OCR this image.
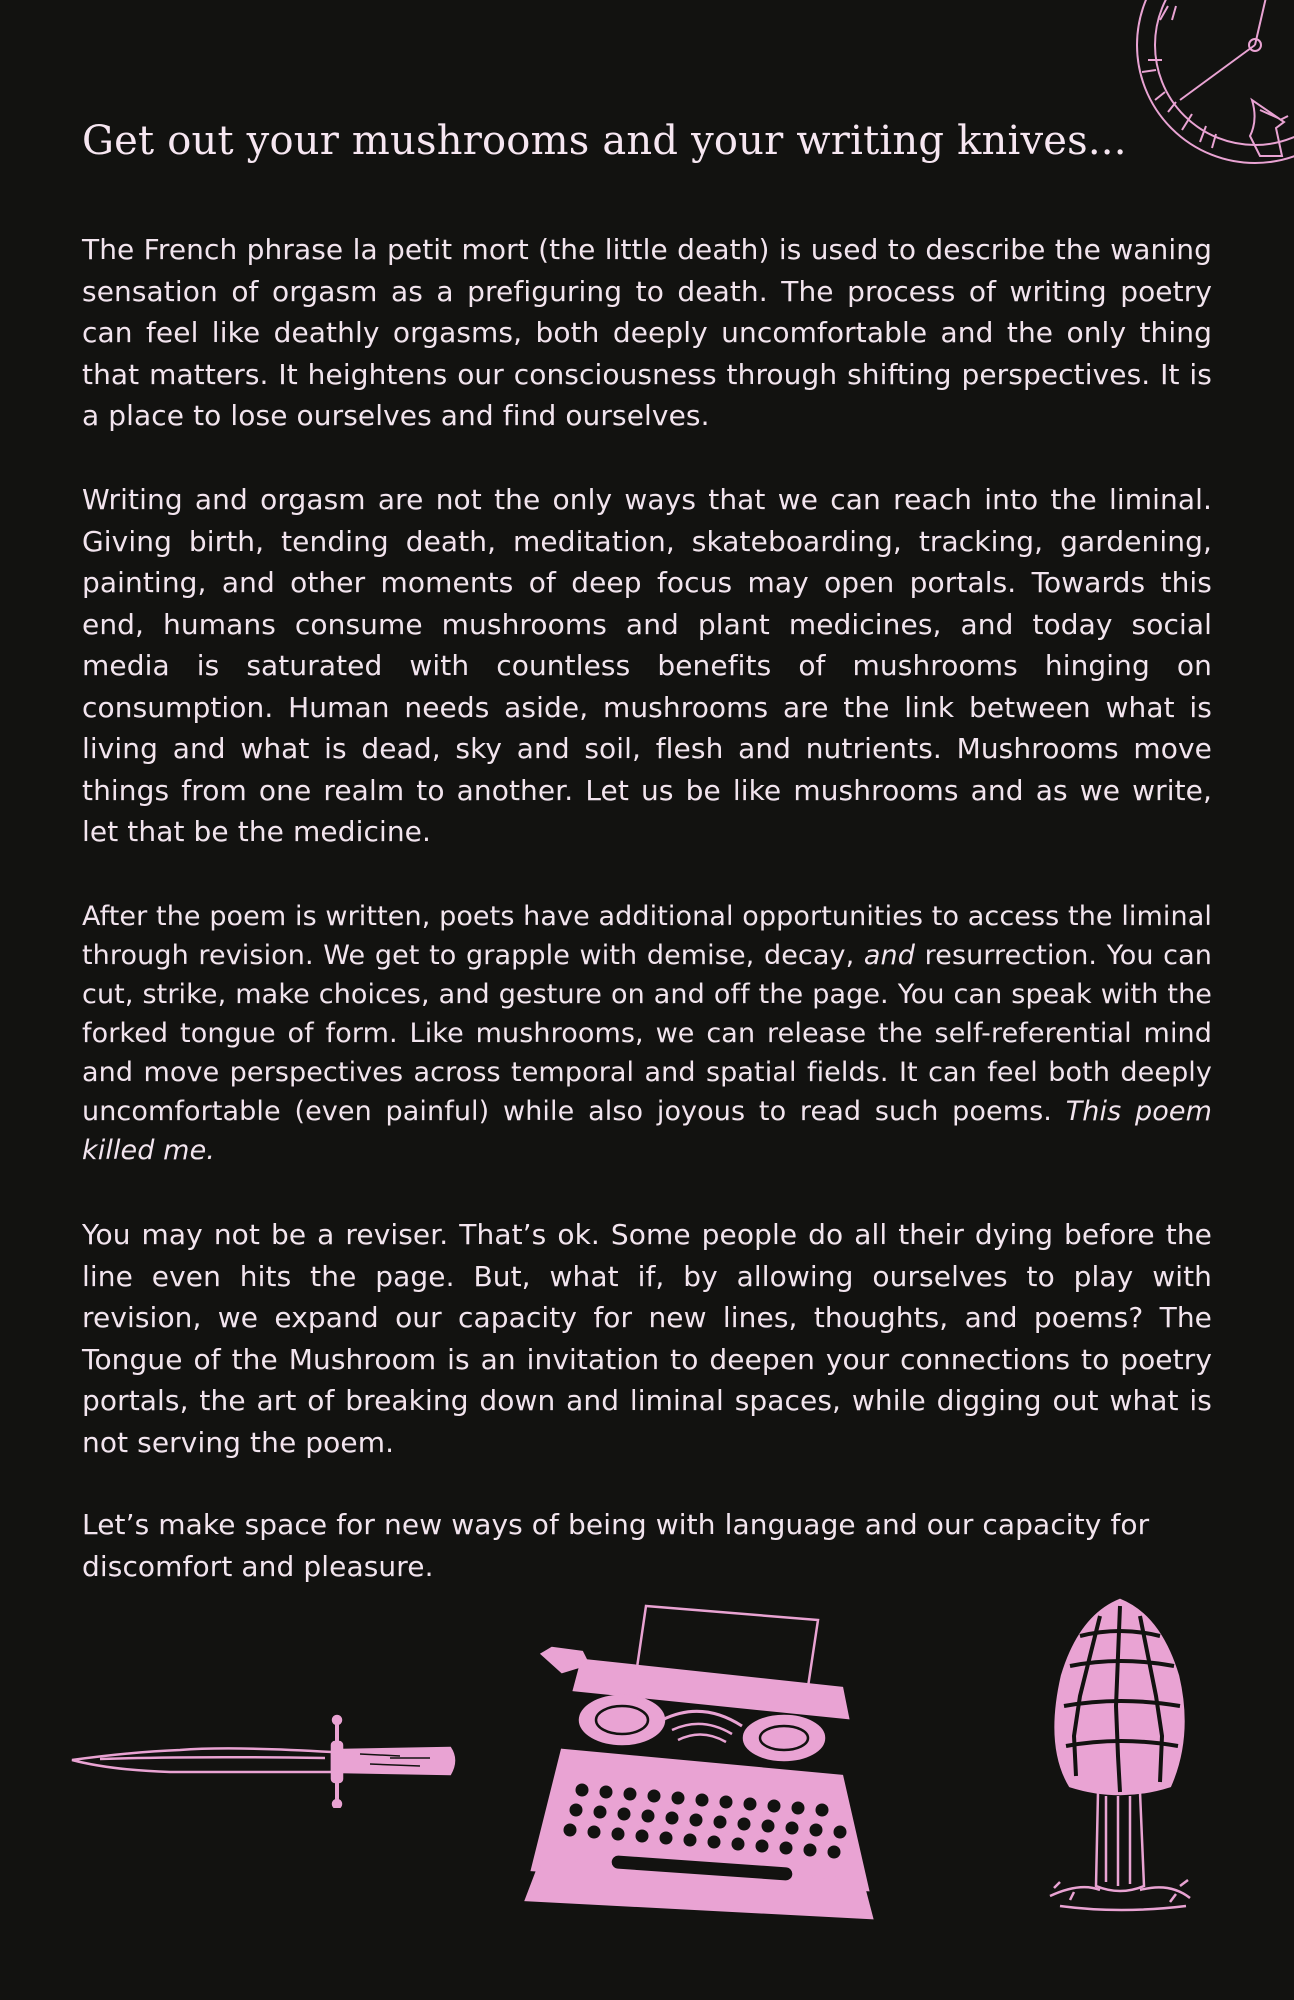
Get out your mushrooms and your writing knives...

The French phrase la petit mort (the little death) is used to describe the waning sensation of orgasm as a prefiguring to death. The process of writing poetry can feel like deathly orgasms, both deeply uncomfortable and the only thing that matters. It heightens our consciousness through shifting perspectives. It is a place to lose ourselves and find ourselves.

Writing and orgasm are not the only ways that we can reach into the liminal. Giving birth, tending death, meditation, skateboarding, tracking, gardening, painting, and other moments of deep focus may open portals. Towards this end, humans consume mushrooms and plant medicines, and today social media is saturated with countless benefits of mushrooms hinging on consumption. Human needs aside, mushrooms are the link between what is living and what is dead, sky and soil, flesh and nutrients. Mushrooms move things from one realm to another. Let us be like mushrooms and as we write, let that be the medicine.

After the poem is written, poets have additional opportunities to access the liminal through revision. We get to grapple with demise, decay, and resurrection. You can cut, strike, make choices, and gesture on and off the page. You can speak with the forked tongue of form. Like mushrooms, we can release the self-referential mind and move perspectives across temporal and spatial fields. It can feel both deeply uncomfortable (even painful) while also joyous to read such poems. This poem killed me.

You may not be a reviser. That’s ok. Some people do all their dying before the line even hits the page. But, what if, by allowing ourselves to play with revision, we expand our capacity for new lines, thoughts, and poems? The Tongue of the Mushroom is an invitation to deepen your connections to poetry portals, the art of breaking down and liminal spaces, while digging out what is not serving the poem.

Let’s make space for new ways of being with language and our capacity for discomfort and pleasure.
